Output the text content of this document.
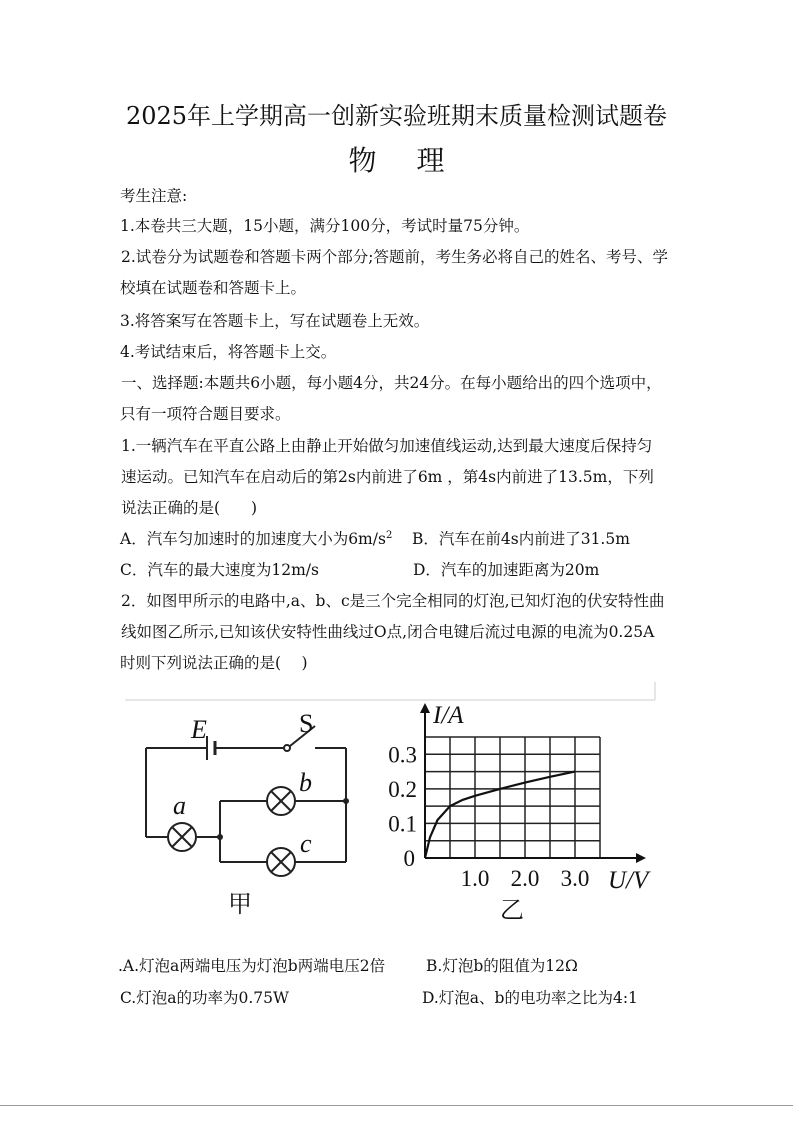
2025年上学期高一创新实验班期末质量检测试题卷
物 理
考生注意:
1.本卷共三大题，15小题，满分100分，考试时量75分钟。
2.试卷分为试题卷和答题卡两个部分;答题前，考生务必将自己的姓名、考号、学
校填在试题卷和答题卡上。
3.将答案写在答题卡上，写在试题卷上无效。
4.考试结束后，将答题卡上交。
一、选择题:本题共6小题，每小题4分，共24分。在每小题给出的四个选项中，
只有一项符合题目要求。
1.一辆汽车在平直公路上由静止开始做匀加速值线运动,达到最大速度后保持匀
速运动。已知汽车在启动后的第2s内前进了6m ，第4s内前进了13.5m，下列
说法正确的是(　　)
A．汽车匀加速时的加速度大小为$6m/s^2$ B．汽车在前4s内前进了31.5m
C．汽车的最大速度为12m/s	D．汽车的加速距离为20m
2．如图甲所示的电路中,a、b、c是三个完全相同的灯泡,已知灯泡的伏安特性曲
线如图乙所示,已知该伏安特性曲线过O点,闭合电键后流过电源的电流为0.25A
时则下列说法正确的是(　 )
E	S
a
b
c
甲
0.1
0.2
0.3
1.0 2.0 3.0
0
I/A
U/V
乙
.A.灯泡a两端电压为灯泡b两端电压2倍	B.灯泡b的阻值为12Ω
C.灯泡a的功率为0.75W	D.灯泡a、b的电功率之比为4:1
